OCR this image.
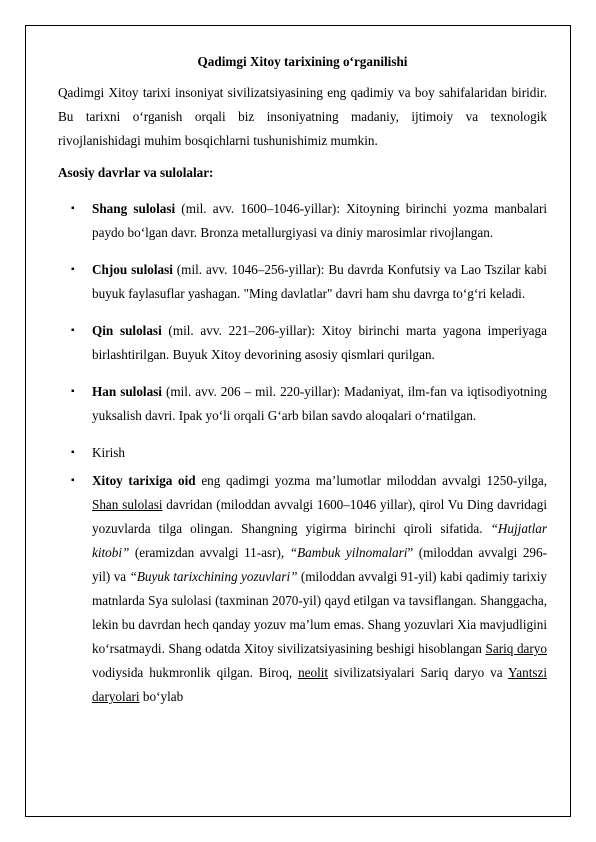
Qadimgi Xitoy tarixining o‘rganilishi

Qadimgi Xitoy tarixi insoniyat sivilizatsiyasining eng qadimiy va boy sahifalaridan biridir. Bu tarixni o‘rganish orqali biz insoniyatning madaniy, ijtimoiy va texnologik rivojlanishidagi muhim bosqichlarni tushunishimiz mumkin.

Asosiy davrlar va sulolalar:

▪ Shang sulolasi (mil. avv. 1600–1046-yillar): Xitoyning birinchi yozma manbalari paydo bo‘lgan davr. Bronza metallurgiyasi va diniy marosimlar rivojlangan.
▪ Chjou sulolasi (mil. avv. 1046–256-yillar): Bu davrda Konfutsiy va Lao Tszilar kabi buyuk faylasuflar yashagan. "Ming davlatlar" davri ham shu davrga to‘g‘ri keladi.
▪ Qin sulolasi (mil. avv. 221–206-yillar): Xitoy birinchi marta yagona imperiyaga birlashtirilgan. Buyuk Xitoy devorining asosiy qismlari qurilgan.
▪ Han sulolasi (mil. avv. 206 – mil. 220-yillar): Madaniyat, ilm-fan va iqtisodiyotning yuksalish davri. Ipak yo‘li orqali G‘arb bilan savdo aloqalari o‘rnatilgan.
▪ Kirish
▪ Xitoy tarixiga oid eng qadimgi yozma ma’lumotlar miloddan avvalgi 1250-yilga, Shan sulolasi davridan (miloddan avvalgi 1600–1046 yillar), qirol Vu Ding davridagi yozuvlarda tilga olingan. Shangning yigirma birinchi qiroli sifatida. “Hujjatlar kitobi” (eramizdan avvalgi 11-asr), “Bambuk yilnomalari” (miloddan avvalgi 296-yil) va “Buyuk tarixchining yozuvlari” (miloddan avvalgi 91-yil) kabi qadimiy tarixiy matnlarda Sya sulolasi (taxminan 2070-yil) qayd etilgan va tavsiflangan. Shanggacha, lekin bu davrdan hech qanday yozuv ma’lum emas. Shang yozuvlari Xia mavjudligini ko‘rsatmaydi. Shang odatda Xitoy sivilizatsiyasining beshigi hisoblangan Sariq daryo vodiysida hukmronlik qilgan. Biroq, neolit sivilizatsiyalari Sariq daryo va Yantszi daryolari bo‘ylab
